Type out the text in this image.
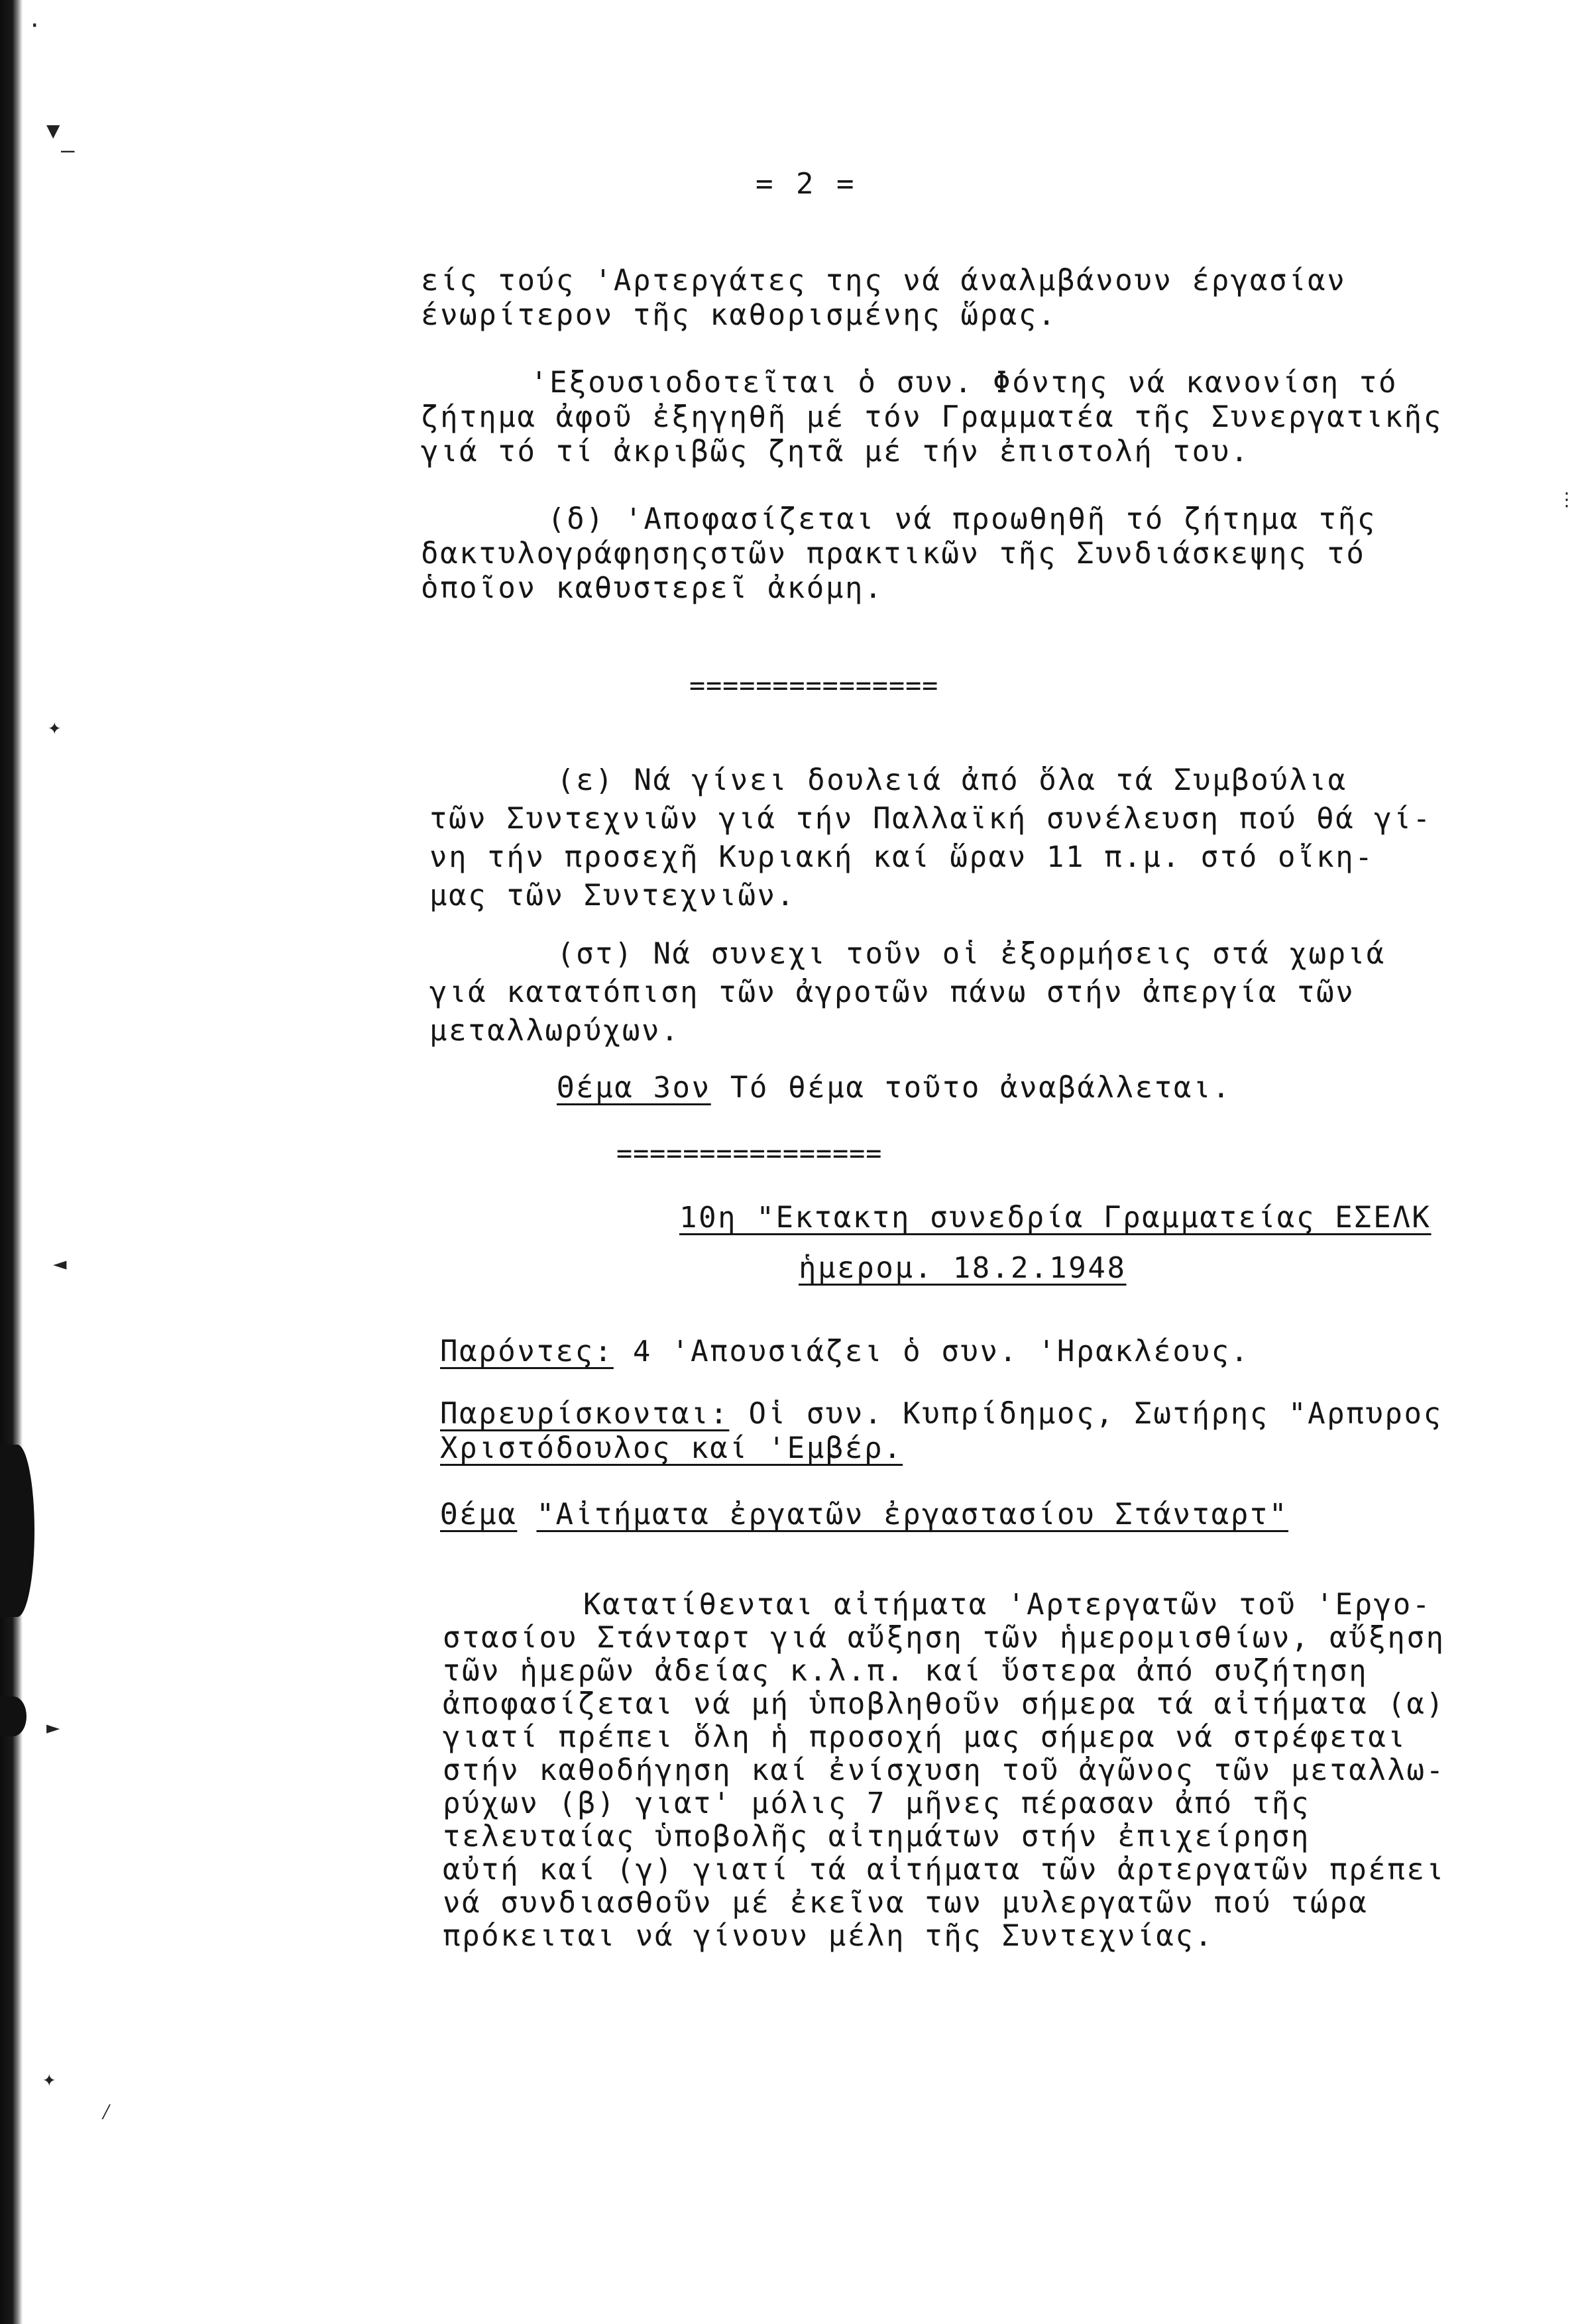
·
▼
—
✦
◄
►
✦
⁄
⋮
= 2 =
είς τούς 'Αρτεργάτες της νά άναλμβάνουν έργασίαν
ένωρίτερον τῆς καθορισμένης ὥρας.
'Εξουσιοδοτεῖται ὁ συν. Φόντης νά κανονίση τό
ζήτημα ἀφοῦ ἐξηγηθῆ μέ τόν Γραμματέα τῆς Συνεργατικῆς
γιά τό τί ἀκριβῶς ζητᾶ μέ τήν ἐπιστολή του.
(δ) 'Αποφασίζεται νά προωθηθῆ τό ζήτημα τῆς
δακτυλογράφησηςστῶν πρακτικῶν τῆς Συνδιάσκεψης τό
ὁποῖον καθυστερεῖ ἀκόμη.
===============
(ε) Νά γίνει δουλειά ἀπό ὅλα τά Συμβούλια
τῶν Συντεχνιῶν γιά τήν Παλλαϊκή συνέλευση πού θά γί-
νη τήν προσεχῆ Κυριακή καί ὥραν 11 π.μ. στό οἴκη-
μας τῶν Συντεχνιῶν.
(στ) Νά συνεχι τοῦν οἱ ἐξορμήσεις στά χωριά
γιά κατατόπιση τῶν ἀγροτῶν πάνω στήν ἀπεργία τῶν
μεταλλωρύχων.
Θέμα 3ον Τό θέμα τοῦτο ἀναβάλλεται.
================
10η "Εκτακτη συνεδρία Γραμματείας ΕΣΕΛΚ
ἡμερομ. 18.2.1948
Παρόντες: 4 'Απουσιάζει ὁ συν. 'Ηρακλέους.
Παρευρίσκονται: Οἱ συν. Κυπρίδημος, Σωτήρης "Αρπυρος
Χριστόδουλος καί 'Εμβέρ.
Θέμα "Αἰτήματα ἐργατῶν ἐργαστασίου Στάνταρτ"
Κατατίθενται αἰτήματα 'Αρτεργατῶν τοῦ 'Εργο-
στασίου Στάνταρτ γιά αὔξηση τῶν ἡμερομισθίων, αὔξηση
τῶν ἡμερῶν ἀδείας κ.λ.π. καί ὕστερα ἀπό συζήτηση
ἀποφασίζεται νά μή ὑποβληθοῦν σήμερα τά αἰτήματα (α)
γιατί πρέπει ὅλη ἡ προσοχή μας σήμερα νά στρέφεται
στήν καθοδήγηση καί ἐνίσχυση τοῦ ἀγῶνος τῶν μεταλλω-
ρύχων (β) γιατ' μόλις 7 μῆνες πέρασαν ἀπό τῆς
τελευταίας ὑποβολῆς αἰτημάτων στήν ἐπιχείρηση
αὐτή καί (γ) γιατί τά αἰτήματα τῶν ἀρτεργατῶν πρέπει
νά συνδιασθοῦν μέ ἐκεῖνα των μυλεργατῶν πού τώρα
πρόκειται νά γίνουν μέλη τῆς Συντεχνίας.
